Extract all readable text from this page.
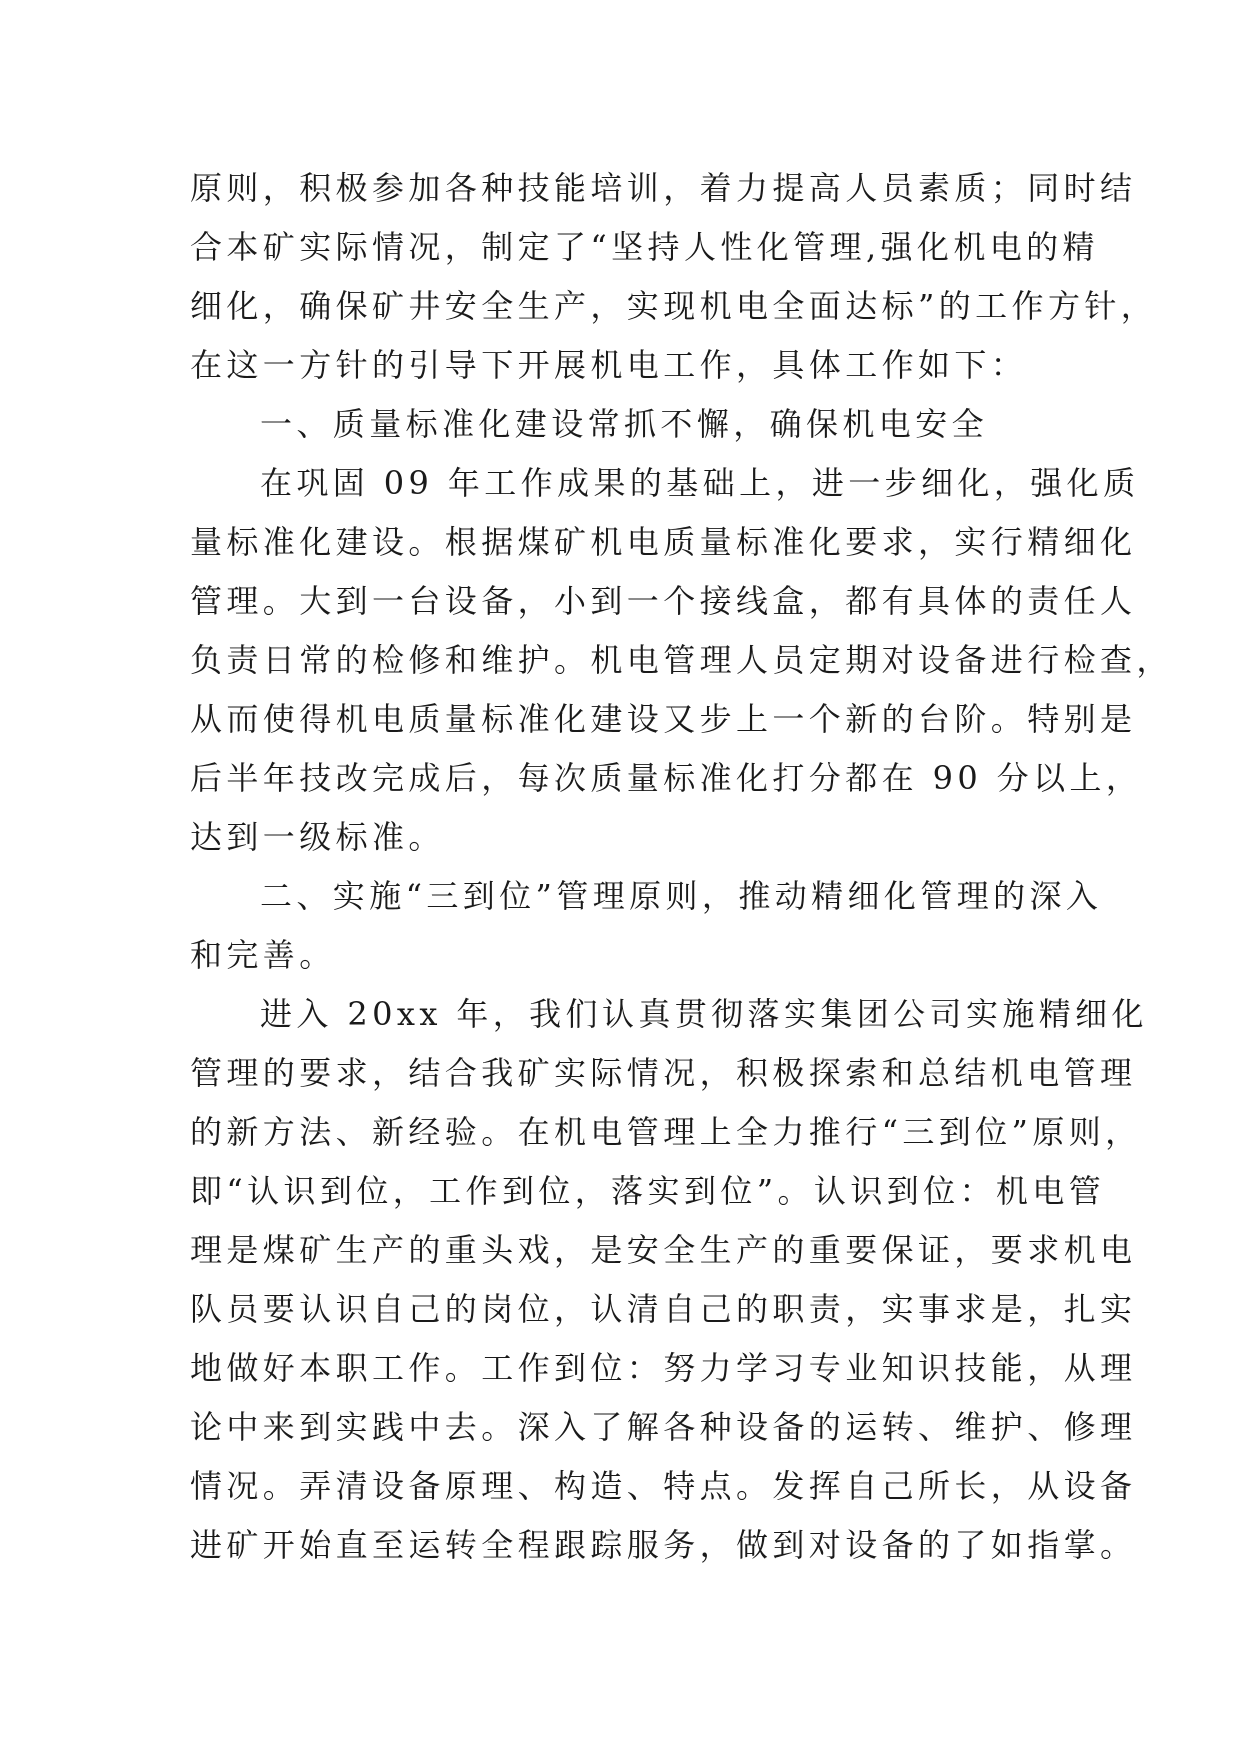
原则，积极参加各种技能培训，着力提高人员素质；同时结
合本矿实际情况，制定了“坚持人性化管理,强化机电的精
细化，确保矿井安全生产，实现机电全面达标”的工作方针，
在这一方针的引导下开展机电工作，具体工作如下：
一、质量标准化建设常抓不懈，确保机电安全
在巩固 09 年工作成果的基础上，进一步细化，强化质
量标准化建设。根据煤矿机电质量标准化要求，实行精细化
管理。大到一台设备，小到一个接线盒，都有具体的责任人
负责日常的检修和维护。机电管理人员定期对设备进行检查，
从而使得机电质量标准化建设又步上一个新的台阶。特别是
后半年技改完成后，每次质量标准化打分都在 90 分以上，
达到一级标准。
二、实施“三到位”管理原则，推动精细化管理的深入
和完善。
进入 20xx 年，我们认真贯彻落实集团公司实施精细化
管理的要求，结合我矿实际情况，积极探索和总结机电管理
的新方法、新经验。在机电管理上全力推行“三到位”原则，
即“认识到位，工作到位，落实到位”。认识到位：机电管
理是煤矿生产的重头戏，是安全生产的重要保证，要求机电
队员要认识自己的岗位，认清自己的职责，实事求是，扎实
地做好本职工作。工作到位：努力学习专业知识技能，从理
论中来到实践中去。深入了解各种设备的运转、维护、修理
情况。弄清设备原理、构造、特点。发挥自己所长，从设备
进矿开始直至运转全程跟踪服务，做到对设备的了如指掌。
